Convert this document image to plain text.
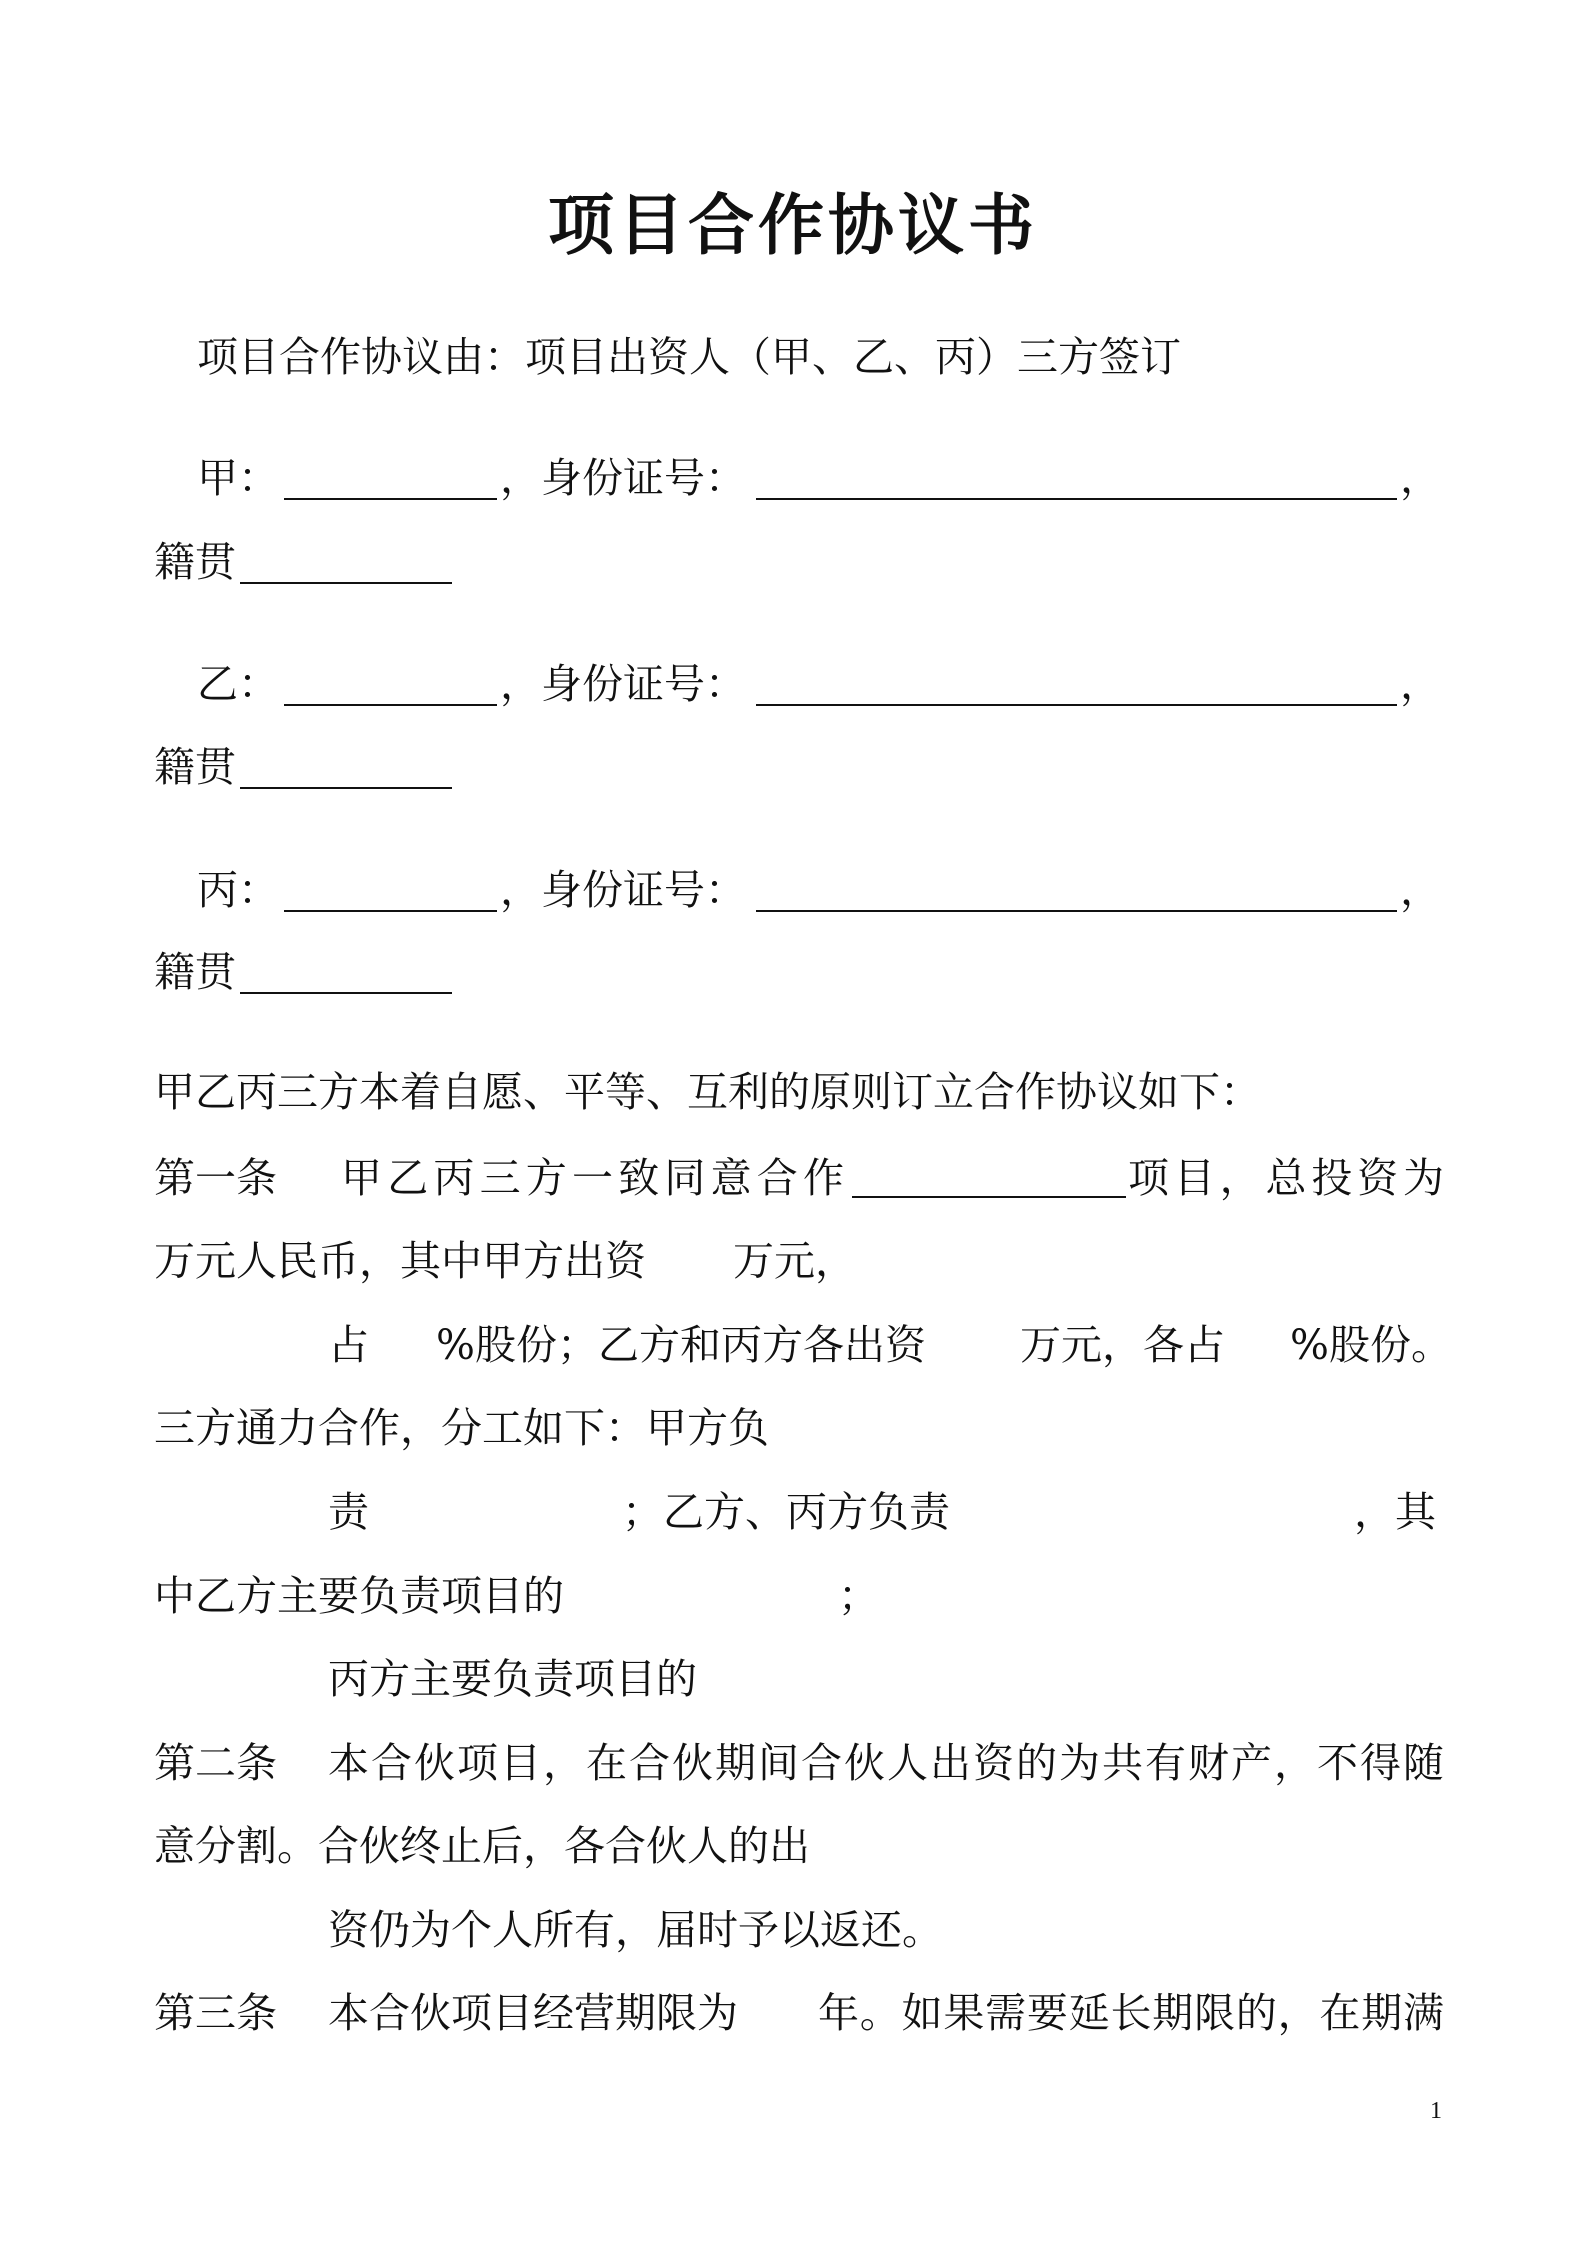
项目合作协议书
项目合作协议由：项目出资人（甲、乙、丙）三方签订
甲：	，身份证号：	，
籍贯
乙：	，身份证号：	，
籍贯
丙：	，身份证号：	，
籍贯
甲乙丙三方本着自愿、平等、互利的原则订立合作协议如下：
第一条 甲乙丙三方一致同意合作	项目，总投资为
万元人民币，其中甲方出资 万元，
占 %股份；乙方和丙方各出资 万元，各占 %股份。
三方通力合作，分工如下：甲方负
责	；乙方、丙方负责	，其
中乙方主要负责项目的	；
丙方主要负责项目的
第二条 本合伙项目，在合伙期间合伙人出资的为共有财产，不得随
意分割。合伙终止后，各合伙人的出
资仍为个人所有，届时予以返还。
第三条 本合伙项目经营期限为 年。如果需要延长期限的，在期满
1
